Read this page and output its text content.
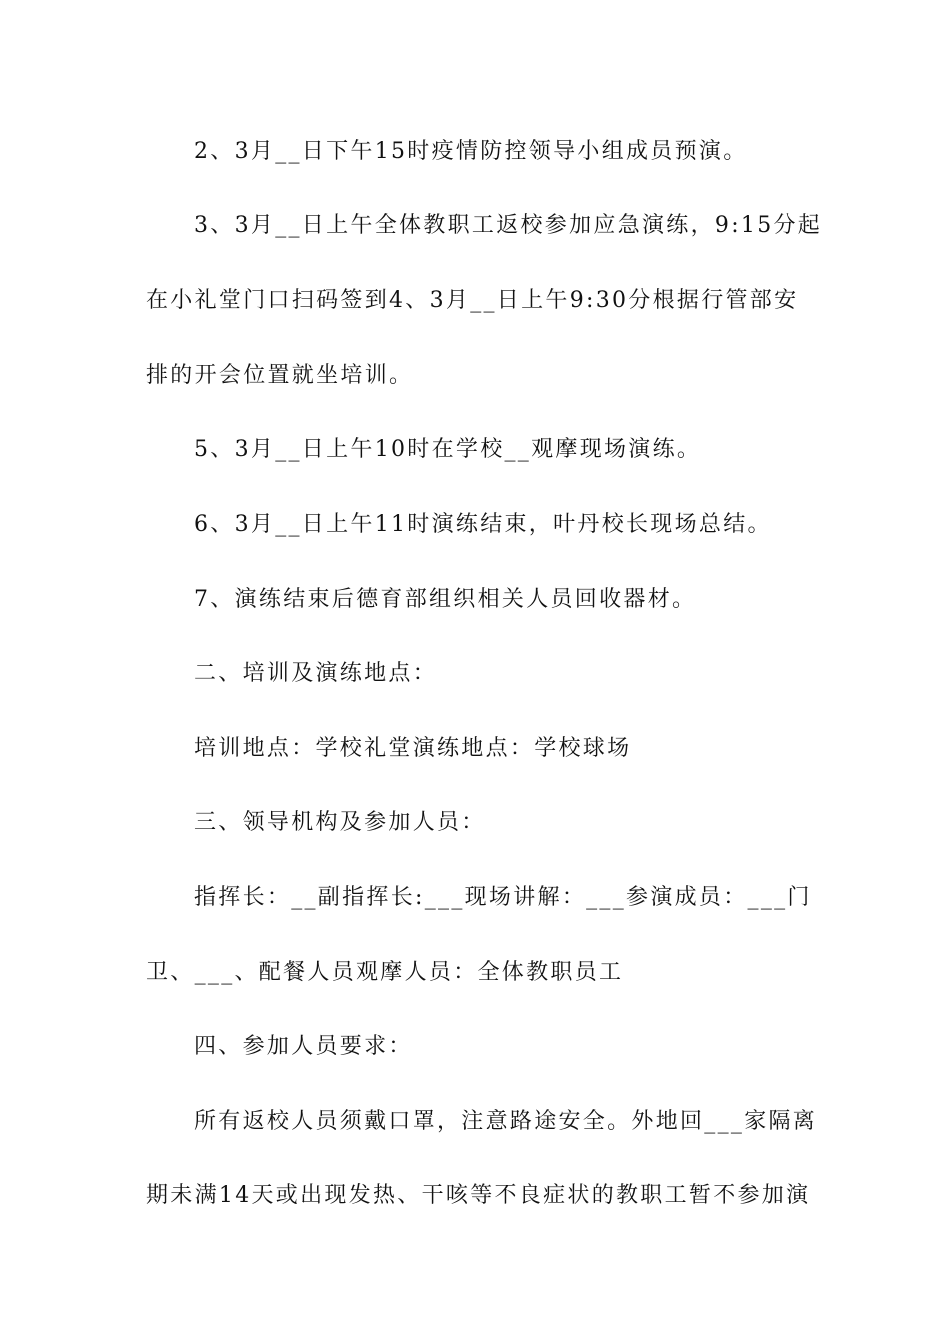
2、3月__日下午15时疫情防控领导小组成员预演。
3、3月__日上午全体教职工返校参加应急演练，9:15分起
在小礼堂门口扫码签到4、3月__日上午9:30分根据行管部安
排的开会位置就坐培训。
5、3月__日上午10时在学校__观摩现场演练。
6、3月__日上午11时演练结束，叶丹校长现场总结。
7、演练结束后德育部组织相关人员回收器材。
二、培训及演练地点：
培训地点：学校礼堂演练地点：学校球场
三、领导机构及参加人员：
指挥长：__副指挥长:___现场讲解：___参演成员：___门
卫、___、配餐人员观摩人员：全体教职员工
四、参加人员要求：
所有返校人员须戴口罩，注意路途安全。外地回___家隔离
期未满14天或出现发热、干咳等不良症状的教职工暂不参加演
